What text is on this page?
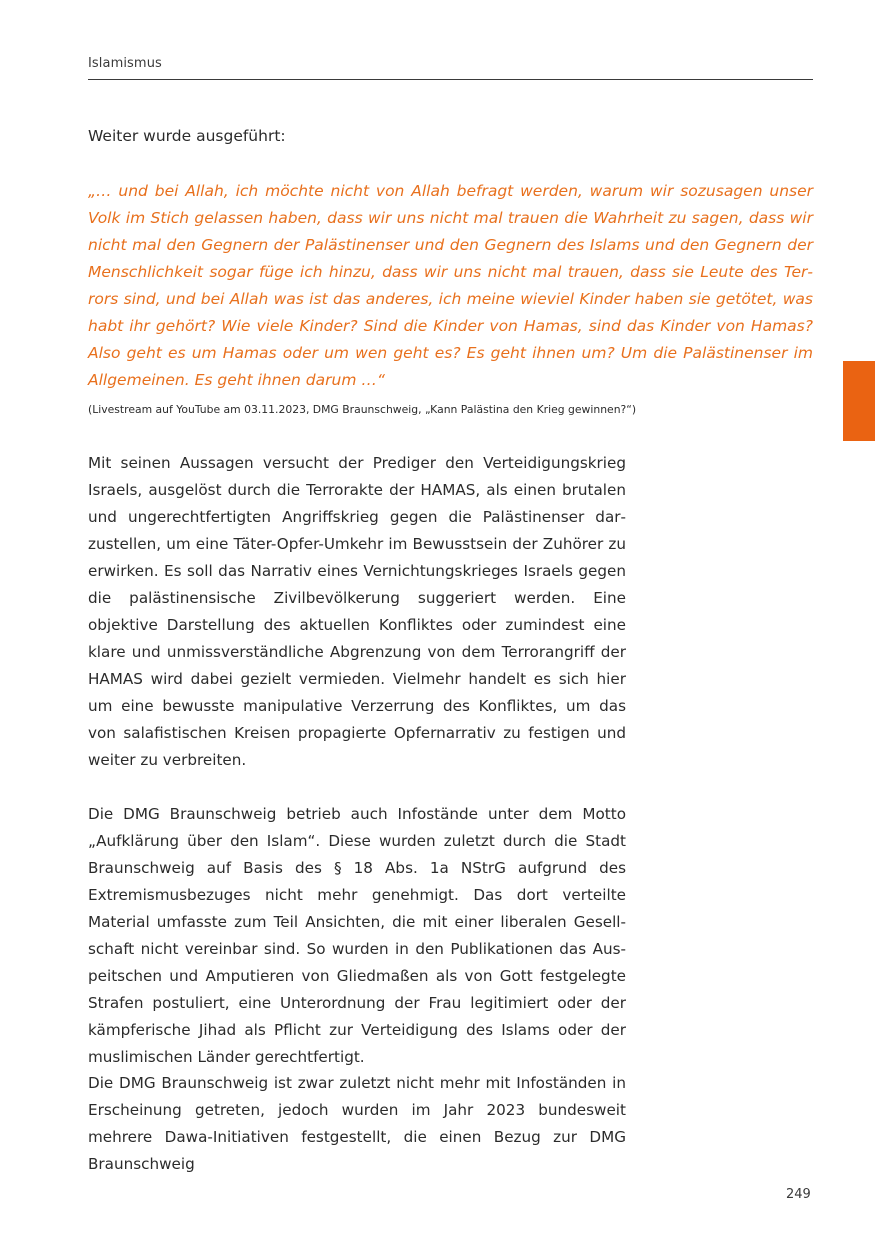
Islamismus
Weiter wurde ausgeführt:

„… und bei Allah, ich möchte nicht von Allah befragt werden, warum wir sozusagen unser Volk im Stich gelassen haben, dass wir uns nicht mal trauen die Wahrheit zu sagen, dass wir nicht mal den Gegnern der Palästinenser und den Gegnern des Islams und den Gegnern der Menschlichkeit sogar füge ich hinzu, dass wir uns nicht mal trauen, dass sie Leute des Terrors sind, und bei Allah was ist das anderes, ich meine wieviel Kinder haben sie getötet, was habt ihr gehört? Wie viele Kinder? Sind die Kinder von Hamas, sind das Kinder von Hamas? Also geht es um Hamas oder um wen geht es? Es geht ihnen um? Um die Palästinenser im Allgemeinen. Es geht ihnen darum …“

(Livestream auf YouTube am 03.11.2023, DMG Braunschweig, „Kann Palästina den Krieg gewinnen?“)

Mit seinen Aussagen versucht der Prediger den Verteidigungskrieg Israels, ausgelöst durch die Terrorakte der HAMAS, als einen brutalen und ungerechtfertigten Angriffskrieg gegen die Palästinenser darzustellen, um eine Täter-Opfer-Umkehr im Bewusstsein der Zuhörer zu erwirken. Es soll das Narrativ eines Vernichtungskrieges Israels gegen die palästinensische Zivilbevölkerung suggeriert werden. Eine objektive Darstellung des aktuellen Konfliktes oder zumindest eine klare und unmissverständliche Abgrenzung von dem Terrorangriff der HAMAS wird dabei gezielt vermieden. Vielmehr handelt es sich hier um eine bewusste manipulative Verzerrung des Konfliktes, um das von salafistischen Kreisen propagierte Opfernarrativ zu festigen und weiter zu verbreiten.

Die DMG Braunschweig betrieb auch Infostände unter dem Motto „Aufklärung über den Islam“. Diese wurden zuletzt durch die Stadt Braunschweig auf Basis des § 18 Abs. 1a NStrG aufgrund des Extremismusbezuges nicht mehr genehmigt. Das dort verteilte Material umfasste zum Teil Ansichten, die mit einer liberalen Gesellschaft nicht vereinbar sind. So wurden in den Publikationen das Auspeitschen und Amputieren von Gliedmaßen als von Gott festgelegte Strafen postuliert, eine Unterordnung der Frau legitimiert oder der kämpferische Jihad als Pflicht zur Verteidigung des Islams oder der muslimischen Länder gerechtfertigt.

Die DMG Braunschweig ist zwar zuletzt nicht mehr mit Infoständen in Erscheinung getreten, jedoch wurden im Jahr 2023 bundesweit mehrere Dawa-Initiativen festgestellt, die einen Bezug zur DMG Braunschweig

249
